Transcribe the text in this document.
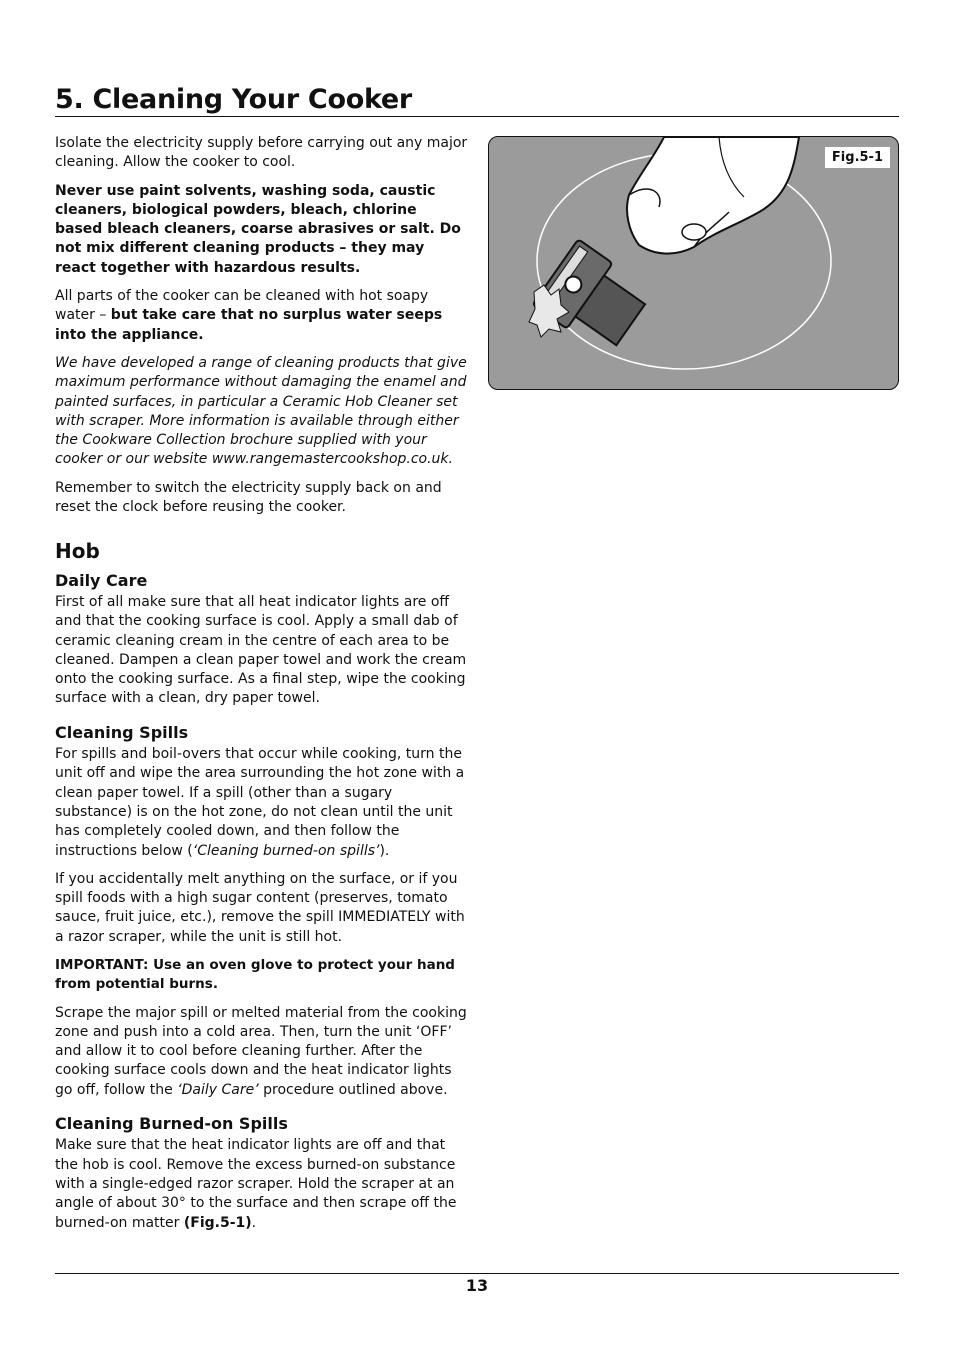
5. Cleaning Your Cooker

Isolate the electricity supply before carrying out any major cleaning. Allow the cooker to cool.

Never use paint solvents, washing soda, caustic cleaners, biological powders, bleach, chlorine based bleach cleaners, coarse abrasives or salt. Do not mix different cleaning products – they may react together with hazardous results.

All parts of the cooker can be cleaned with hot soapy water – but take care that no surplus water seeps into the appliance.

We have developed a range of cleaning products that give maximum performance without damaging the enamel and painted surfaces, in particular a Ceramic Hob Cleaner set with scraper. More information is available through either the Cookware Collection brochure supplied with your cooker or our website www.rangemastercookshop.co.uk.

Remember to switch the electricity supply back on and reset the clock before reusing the cooker.

Hob
Daily Care

First of all make sure that all heat indicator lights are off and that the cooking surface is cool. Apply a small dab of ceramic cleaning cream in the centre of each area to be cleaned. Dampen a clean paper towel and work the cream onto the cooking surface. As a final step, wipe the cooking surface with a clean, dry paper towel.

Cleaning Spills

For spills and boil-overs that occur while cooking, turn the unit off and wipe the area surrounding the hot zone with a clean paper towel. If a spill (other than a sugary substance) is on the hot zone, do not clean until the unit has completely cooled down, and then follow the instructions below (‘Cleaning burned-on spills’).

If you accidentally melt anything on the surface, or if you spill foods with a high sugar content (preserves, tomato sauce, fruit juice, etc.), remove the spill IMMEDIATELY with a razor scraper, while the unit is still hot.

IMPORTANT: Use an oven glove to protect your hand from potential burns.

Scrape the major spill or melted material from the cooking zone and push into a cold area. Then, turn the unit ‘OFF’ and allow it to cool before cleaning further. After the cooking surface cools down and the heat indicator lights go off, follow the ‘Daily Care’ procedure outlined above.

Cleaning Burned-on Spills

Make sure that the heat indicator lights are off and that the hob is cool. Remove the excess burned-on substance with a single-edged razor scraper. Hold the scraper at an angle of about 30° to the surface and then scrape off the burned-on matter (Fig.5-1).

Fig.5-1
13
